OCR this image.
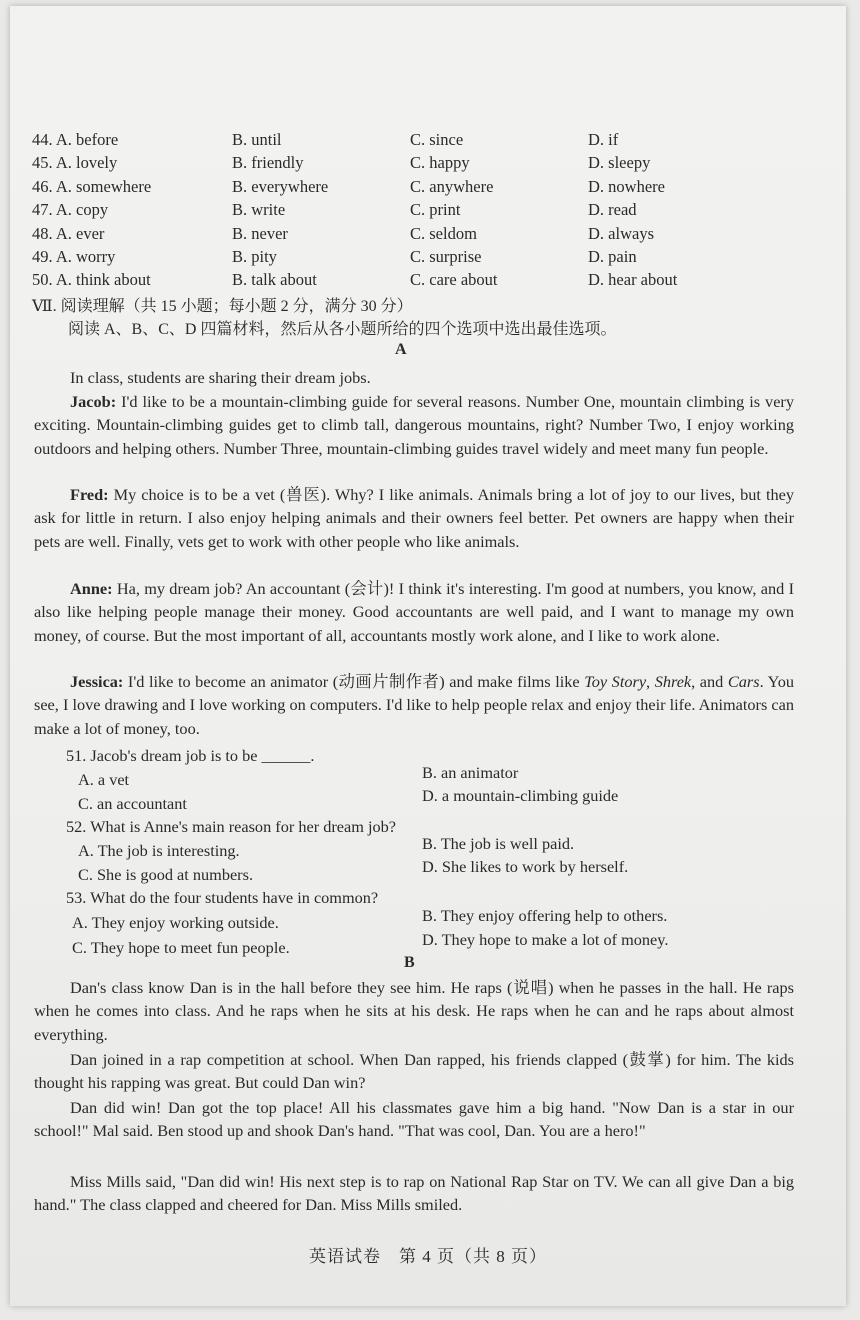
44. A. before	B. until	C. since	D. if
45. A. lovely	B. friendly	C. happy	D. sleepy
46. A. somewhere	B. everywhere	C. anywhere	D. nowhere
47. A. copy	B. write	C. print	D. read
48. A. ever	B. never	C. seldom	D. always
49. A. worry	B. pity	C. surprise	D. pain
50. A. think about	B. talk about	C. care about	D. hear about
Ⅶ. 阅读理解（共 15 小题；每小题 2 分，满分 30 分）
阅读 A、B、C、D 四篇材料，然后从各小题所给的四个选项中选出最佳选项。
A
In class, students are sharing their dream jobs.
Jacob: I'd like to be a mountain-climbing guide for several reasons. Number One, mountain climbing is very exciting. Mountain-climbing guides get to climb tall, dangerous mountains, right? Number Two, I enjoy working outdoors and helping others. Number Three, mountain-climbing guides travel widely and meet many fun people.
Fred: My choice is to be a vet (兽医). Why? I like animals. Animals bring a lot of joy to our lives, but they ask for little in return. I also enjoy helping animals and their owners feel better. Pet owners are happy when their pets are well. Finally, vets get to work with other people who like animals.
Anne: Ha, my dream job? An accountant (会计)! I think it's interesting. I'm good at numbers, you know, and I also like helping people manage their money. Good accountants are well paid, and I want to manage my own money, of course. But the most important of all, accountants mostly work alone, and I like to work alone.
Jessica: I'd like to become an animator (动画片制作者) and make films like Toy Story, Shrek, and Cars. You see, I love drawing and I love working on computers. I'd like to help people relax and enjoy their life. Animators can make a lot of money, too.
51. Jacob's dream job is to be ______.
A. a vet	B. an animator
C. an accountant	D. a mountain-climbing guide
52. What is Anne's main reason for her dream job?
A. The job is interesting.	B. The job is well paid.
C. She is good at numbers.	D. She likes to work by herself.
53. What do the four students have in common?
A. They enjoy working outside.	B. They enjoy offering help to others.
C. They hope to meet fun people.	D. They hope to make a lot of money.
B
Dan's class know Dan is in the hall before they see him. He raps (说唱) when he passes in the hall. He raps when he comes into class. And he raps when he sits at his desk. He raps when he can and he raps about almost everything.
Dan joined in a rap competition at school. When Dan rapped, his friends clapped (鼓掌) for him. The kids thought his rapping was great. But could Dan win?
Dan did win! Dan got the top place! All his classmates gave him a big hand. "Now Dan is a star in our school!" Mal said. Ben stood up and shook Dan's hand. "That was cool, Dan. You are a hero!"
Miss Mills said, "Dan did win! His next step is to rap on National Rap Star on TV. We can all give Dan a big hand." The class clapped and cheered for Dan. Miss Mills smiled.
英语试卷　第 4 页（共 8 页）
